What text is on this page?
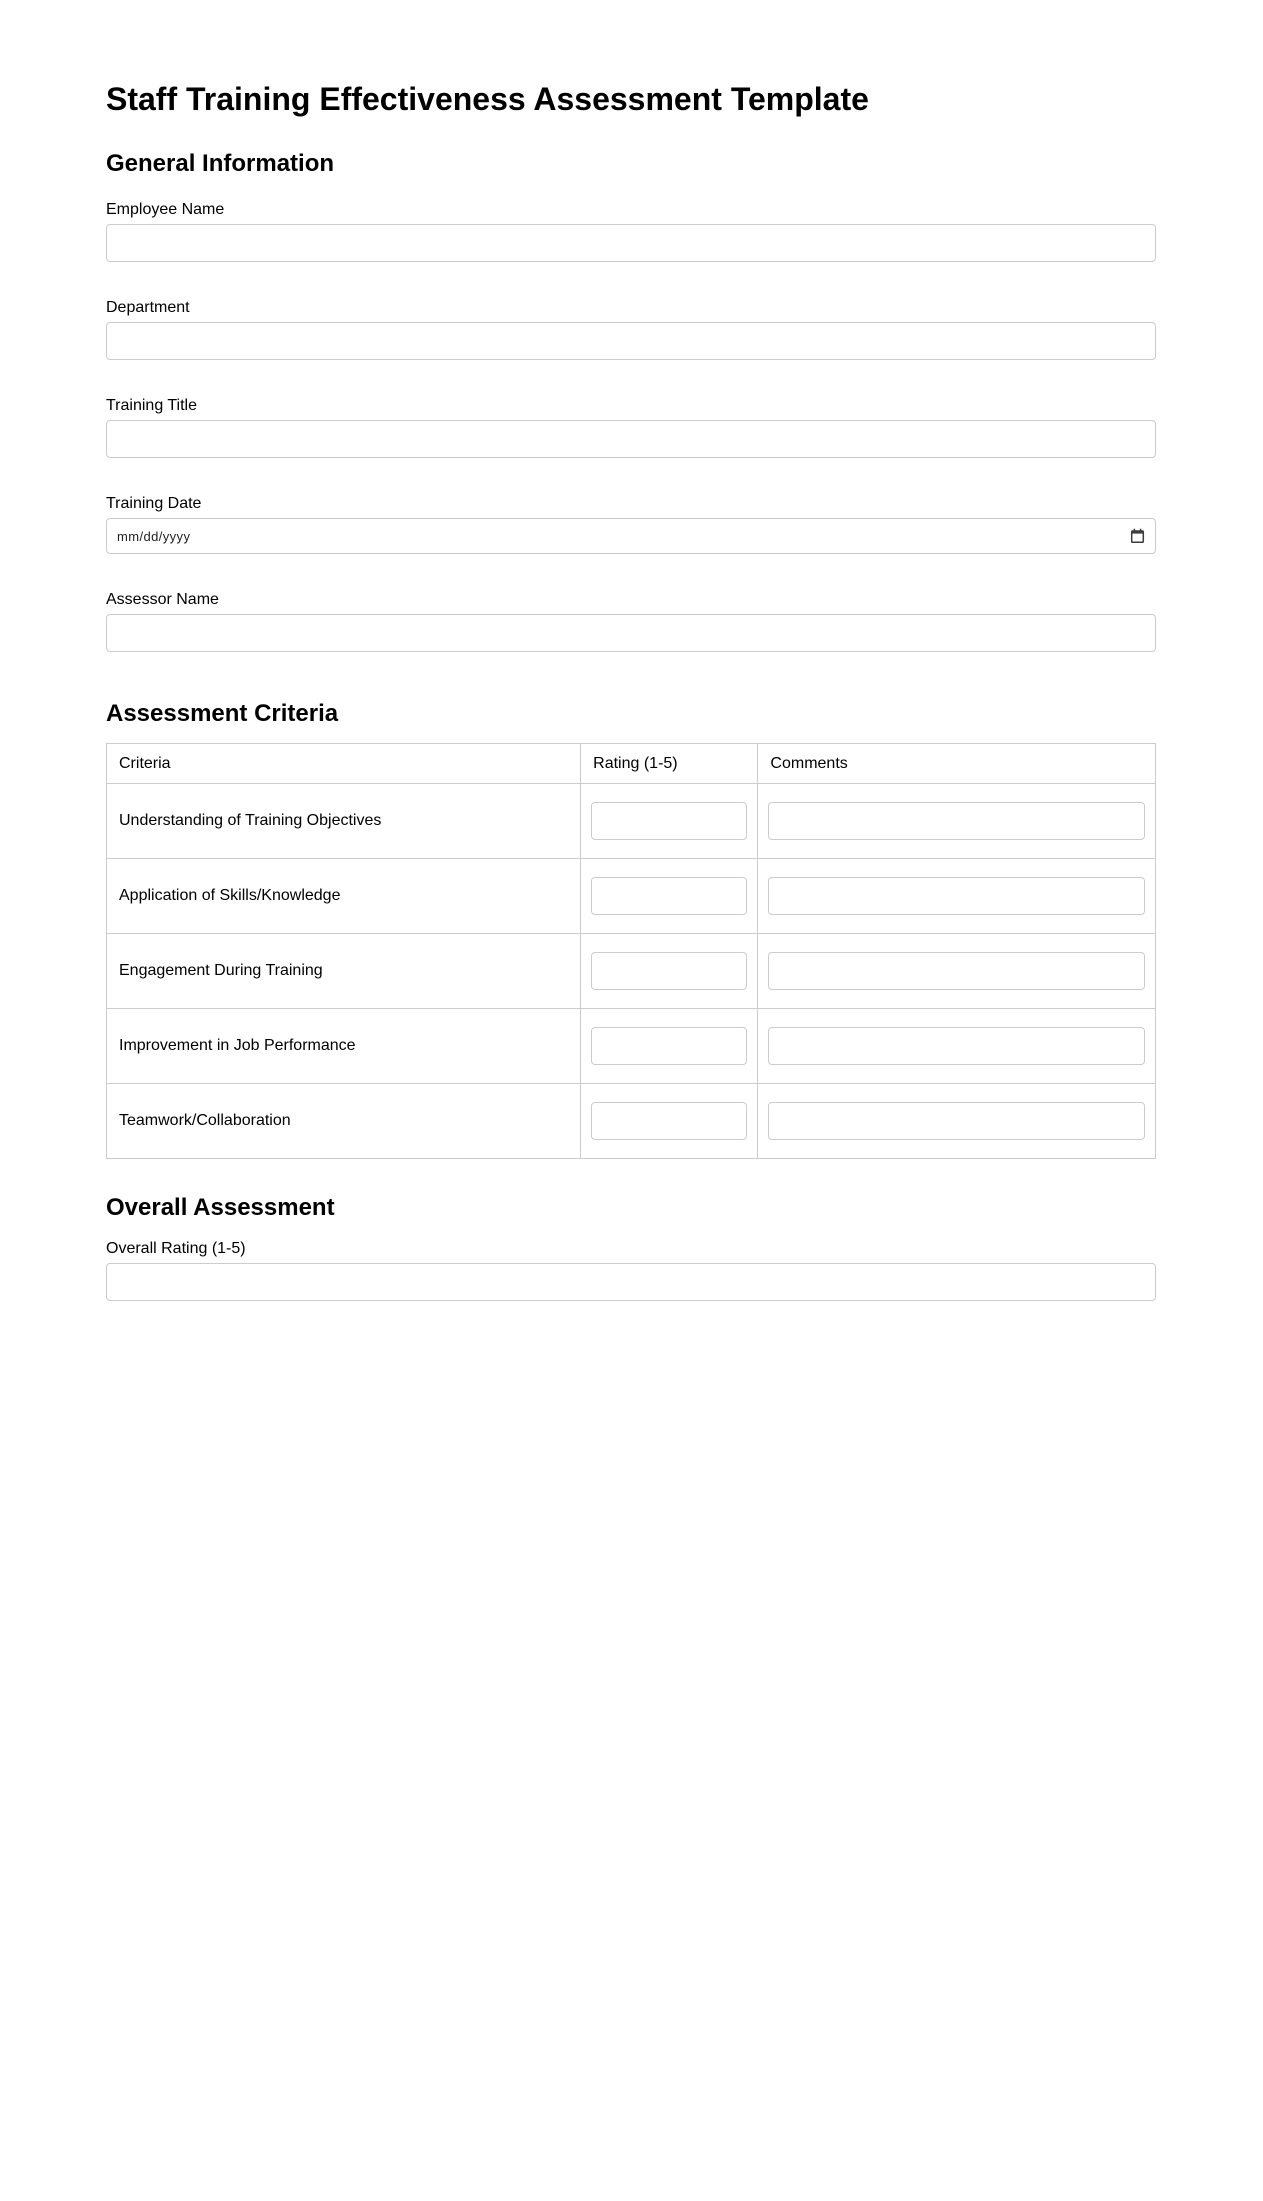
Staff Training Effectiveness Assessment Template
General Information
Employee Name
Department
Training Title
Training Date
mm/dd/yyyy
Assessor Name
Assessment Criteria
Criteria	Rating (1-5)	Comments
Understanding of Training Objectives	

Application of Skills/Knowledge	

Engagement During Training	

Improvement in Job Performance	

Teamwork/Collaboration	

Overall Assessment
Overall Rating (1-5)
